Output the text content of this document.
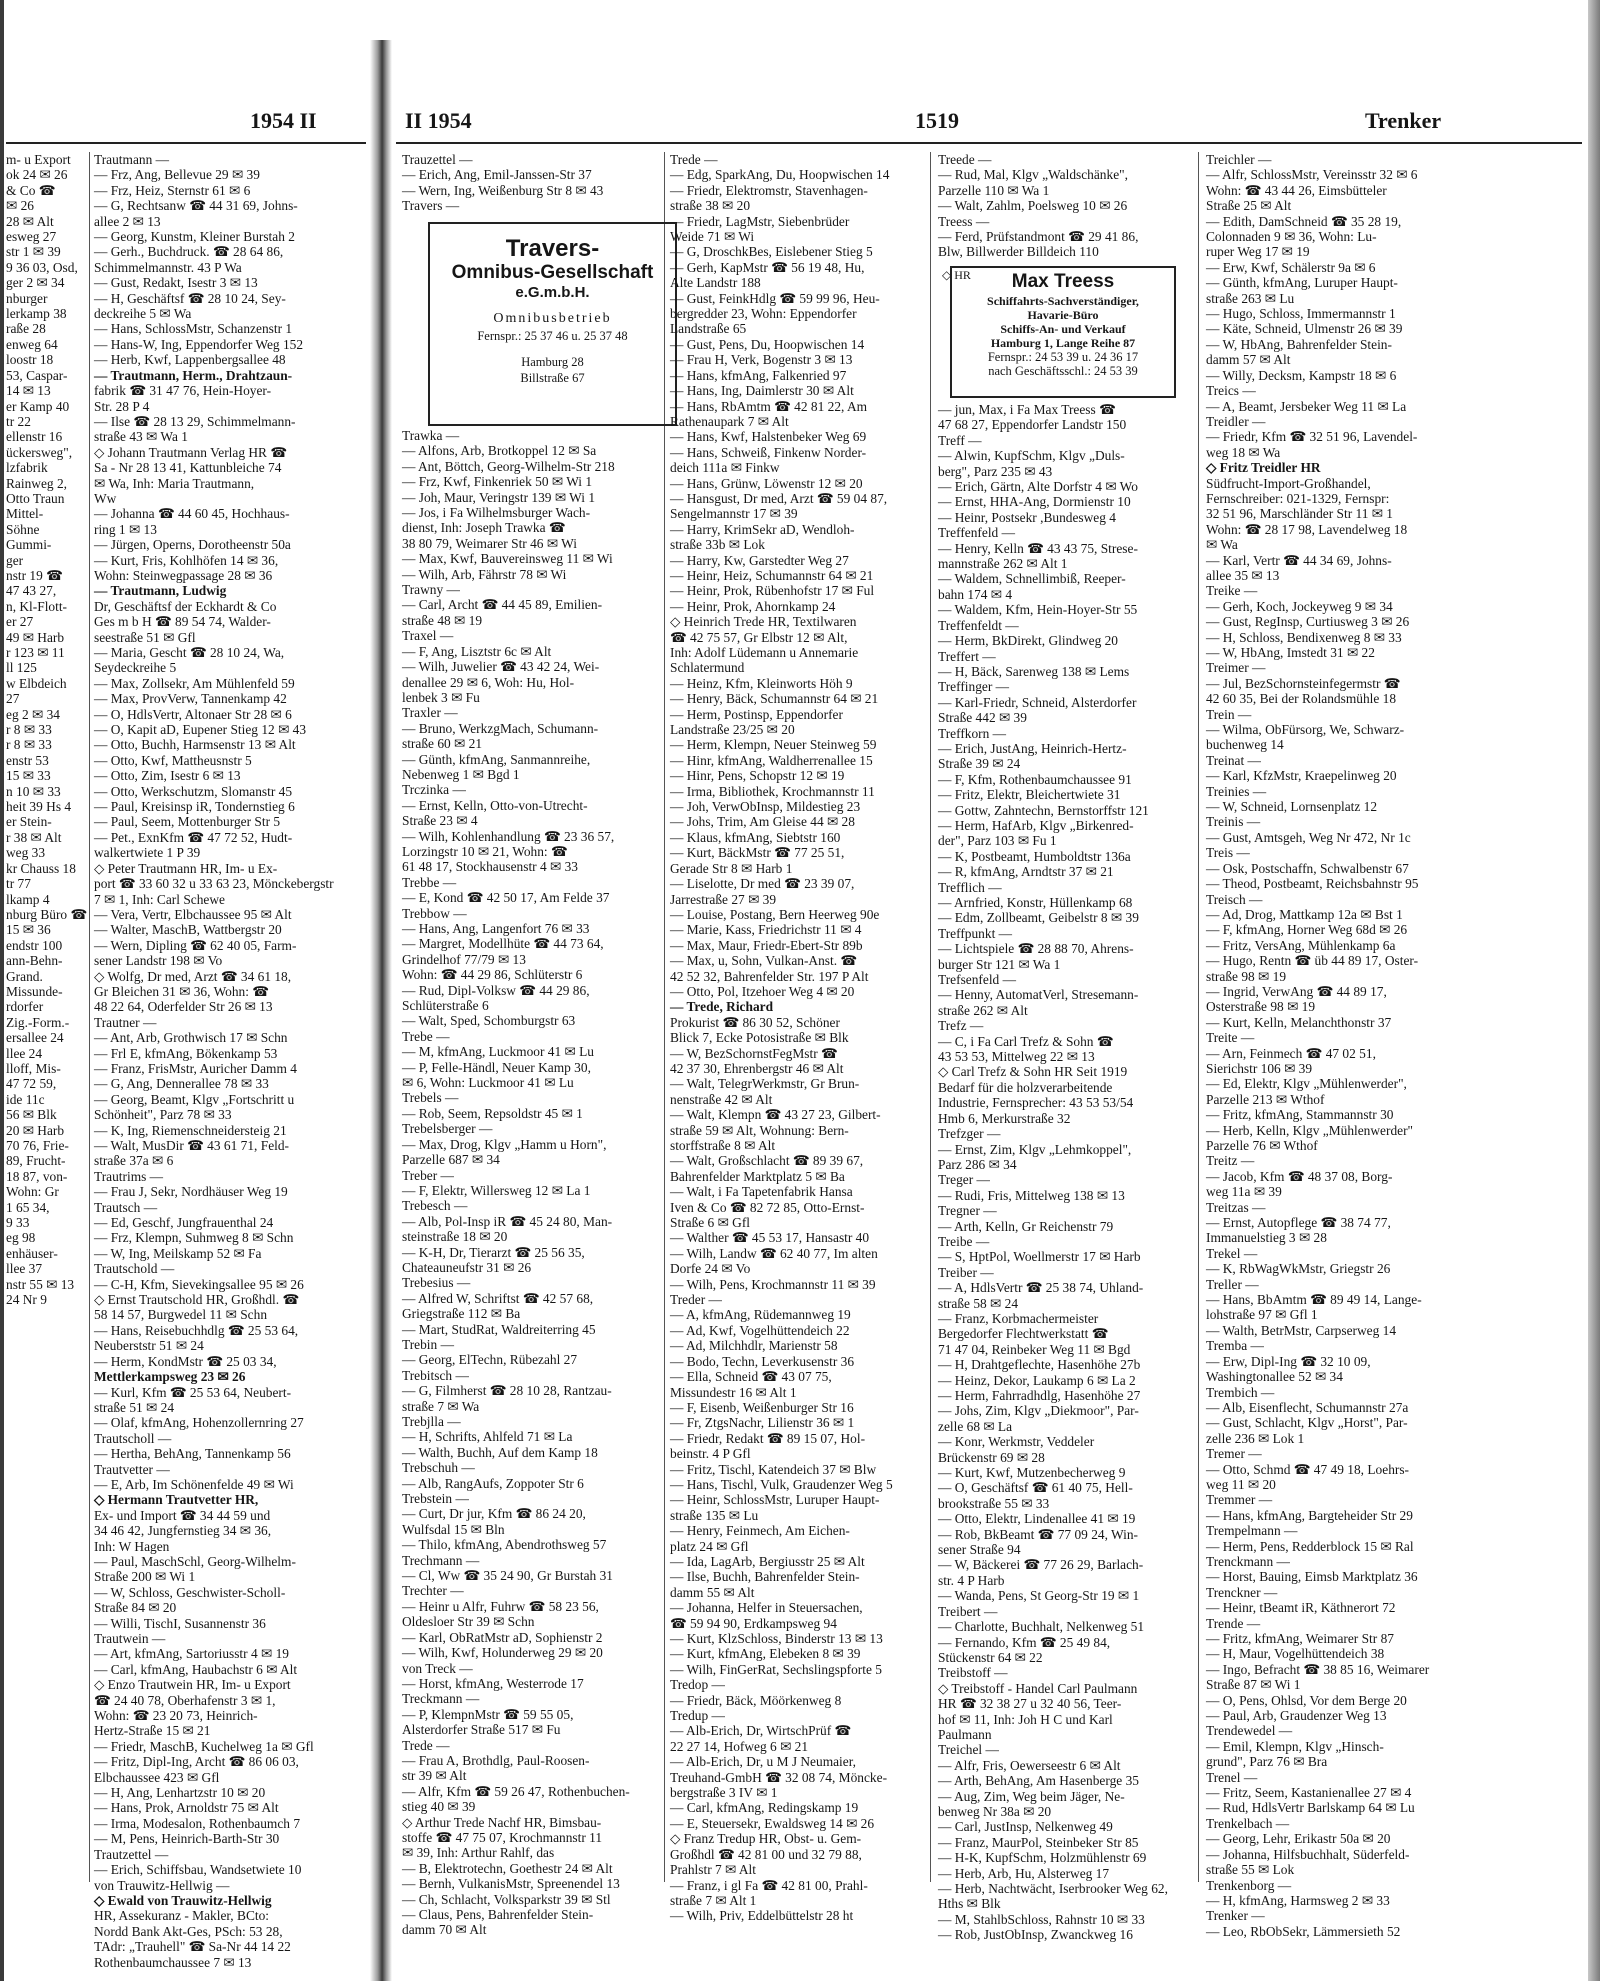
1954 II	II 1954	1519	Trenker
m- u Export
ok 24 ✉ 26
& Co ☎
✉ 26
28 ✉ Alt
esweg 27
str 1 ✉ 39
9 36 03, Osd,
ger 2 ✉ 34
nburger
lerkamp 38
raße 28
enweg 64
loostr 18
53, Caspar-
14 ✉ 13
er Kamp 40
tr 22
ellenstr 16
ückersweg",
lzfabrik
Rainweg 2,
Otto Traun
Mittel-
Söhne
Gummi-
ger
nstr 19 ☎
47 43 27,
n, Kl-Flott-
er 27
49 ✉ Harb
r 123 ✉ 11
ll 125
w Elbdeich
27
eg 2 ✉ 34
r 8 ✉ 33
r 8 ✉ 33
enstr 53
15 ✉ 33
n 10 ✉ 33
heit 39 Hs 4
er Stein-
r 38 ✉ Alt
weg 33
kr Chauss 18
tr 77
lkamp 4
nburg Büro ☎
15 ✉ 36
endstr 100
ann-Behn-
Grand.
Missunde-
rdorfer
Zig.-Form.-
ersallee 24
llee 24
lloff, Mis-
47 72 59,
ide 11c
56 ✉ Blk
20 ✉ Harb
70 76, Frie-
89, Frucht-
18 87, von-
Wohn: Gr
1 65 34,
9 33
eg 98
enhäuser-
llee 37
nstr 55 ✉ 13
24 Nr 9
Trautmann —
— Frz, Ang, Bellevue 29 ✉ 39
— Frz, Heiz, Sternstr 61 ✉ 6
— G, Rechtsanw ☎ 44 31 69, Johns-
allee 2 ✉ 13
— Georg, Kunstm, Kleiner Burstah 2
— Gerh., Buchdruck. ☎ 28 64 86,
Schimmelmannstr. 43 P Wa
— Gust, Redakt, Isestr 3 ✉ 13
— H, Geschäftsf ☎ 28 10 24, Sey-
deckreihe 5 ✉ Wa
— Hans, SchlossMstr, Schanzenstr 1
— Hans-W, Ing, Eppendorfer Weg 152
— Herb, Kwf, Lappenbergsallee 48
— Trautmann, Herm., Drahtzaun-
fabrik ☎ 31 47 76, Hein-Hoyer-
Str. 28 P 4
— Ilse ☎ 28 13 29, Schimmelmann-
straße 43 ✉ Wa 1
◇ Johann Trautmann Verlag HR ☎
Sa - Nr 28 13 41, Kattunbleiche 74
✉ Wa, Inh: Maria Trautmann,
Ww
— Johanna ☎ 44 60 45, Hochhaus-
ring 1 ✉ 13
— Jürgen, Operns, Dorotheenstr 50a
— Kurt, Fris, Kohlhöfen 14 ✉ 36,
Wohn: Steinwegpassage 28 ✉ 36
— Trautmann, Ludwig
Dr, Geschäftsf der Eckhardt & Co
Ges m b H ☎ 89 54 74, Walder-
seestraße 51 ✉ Gfl
— Maria, Gescht ☎ 28 10 24, Wa,
Seydeckreihe 5
— Max, Zollsekr, Am Mühlenfeld 59
— Max, ProvVerw, Tannenkamp 42
— O, HdlsVertr, Altonaer Str 28 ✉ 6
— O, Kapit aD, Eupener Stieg 12 ✉ 43
— Otto, Buchh, Harmsenstr 13 ✉ Alt
— Otto, Kwf, Mattheusnstr 5
— Otto, Zim, Isestr 6 ✉ 13
— Otto, Werkschutzm, Slomanstr 45
— Paul, Kreisinsp iR, Tondernstieg 6
— Paul, Seem, Mottenburger Str 5
— Pet., ExnKfm ☎ 47 72 52, Hudt-
walkertwiete 1 P 39
◇ Peter Trautmann HR, Im- u Ex-
port ☎ 33 60 32 u 33 63 23, Mönckebergstr
7 ✉ 1, Inh: Carl Schewe
— Vera, Vertr, Elbchaussee 95 ✉ Alt
— Walter, MaschB, Wattbergstr 20
— Wern, Dipling ☎ 62 40 05, Farm-
sener Landstr 198 ✉ Vo
◇ Wolfg, Dr med, Arzt ☎ 34 61 18,
Gr Bleichen 31 ✉ 36, Wohn: ☎
48 22 64, Oderfelder Str 26 ✉ 13
Trautner —
— Ant, Arb, Grothwisch 17 ✉ Schn
— Frl E, kfmAng, Bökenkamp 53
— Franz, FrisMstr, Auricher Damm 4
— G, Ang, Dennerallee 78 ✉ 33
— Georg, Beamt, Klgv „Fortschritt u
Schönheit", Parz 78 ✉ 33
— K, Ing, Riemenschneidersteig 21
— Walt, MusDir ☎ 43 61 71, Feld-
straße 37a ✉ 6
Trautrims —
— Frau J, Sekr, Nordhäuser Weg 19
Trautsch —
— Ed, Geschf, Jungfrauenthal 24
— Frz, Klempn, Suhmweg 8 ✉ Schn
— W, Ing, Meilskamp 52 ✉ Fa
Trautschold —
— C-H, Kfm, Sievekingsallee 95 ✉ 26
◇ Ernst Trautschold HR, Großhdl. ☎
58 14 57, Burgwedel 11 ✉ Schn
— Hans, Reisebuchhdlg ☎ 25 53 64,
Neuberststr 51 ✉ 24
— Herm, KondMstr ☎ 25 03 34,
Mettlerkampsweg 23 ✉ 26
— Kurl, Kfm ☎ 25 53 64, Neubert-
straße 51 ✉ 24
— Olaf, kfmAng, Hohenzollernring 27
Trautscholl —
— Hertha, BehAng, Tannenkamp 56
Trautvetter —
— E, Arb, Im Schönenfelde 49 ✉ Wi
◇ Hermann Trautvetter HR,
Ex- und Import ☎ 34 44 59 und
34 46 42, Jungfernstieg 34 ✉ 36,
Inh: W Hagen
— Paul, MaschSchl, Georg-Wilhelm-
Straße 200 ✉ Wi 1
— W, Schloss, Geschwister-Scholl-
Straße 84 ✉ 20
— Willi, TischI, Susannenstr 36
Trautwein —
— Art, kfmAng, Sartoriusstr 4 ✉ 19
— Carl, kfmAng, Haubachstr 6 ✉ Alt
◇ Enzo Trautwein HR, Im- u Export
☎ 24 40 78, Oberhafenstr 3 ✉ 1,
Wohn: ☎ 23 20 73, Heinrich-
Hertz-Straße 15 ✉ 21
— Friedr, MaschB, Kuchelweg 1a ✉ Gfl
— Fritz, Dipl-Ing, Archt ☎ 86 06 03,
Elbchaussee 423 ✉ Gfl
— H, Ang, Lenhartzstr 10 ✉ 20
— Hans, Prok, Arnoldstr 75 ✉ Alt
— Irma, Modesalon, Rothenbaumch 7
— M, Pens, Heinrich-Barth-Str 30
Trautzettel —
— Erich, Schiffsbau, Wandsetwiete 10
von Trauwitz-Hellwig —
◇ Ewald von Trauwitz-Hellwig
HR, Assekuranz - Makler, BCto:
Nordd Bank Akt-Ges, PSch: 53 28,
TAdr: „Trauhell" ☎ Sa-Nr 44 14 22
Rothenbaumchaussee 7 ✉ 13
Trauzettel —
— Erich, Ang, Emil-Janssen-Str 37
— Wern, Ing, Weißenburg Str 8 ✉ 43
Travers —
Travers-
Omnibus-Gesellschaft
e.G.m.b.H.
Omnibusbetrieb
Fernspr.: 25 37 46 u. 25 37 48
Hamburg 28
Billstraße 67
Trawka —
— Alfons, Arb, Brotkoppel 12 ✉ Sa
— Ant, Böttch, Georg-Wilhelm-Str 218
— Frz, Kwf, Finkenriek 50 ✉ Wi 1
— Joh, Maur, Veringstr 139 ✉ Wi 1
— Jos, i Fa Wilhelmsburger Wach-
dienst, Inh: Joseph Trawka ☎
38 80 79, Weimarer Str 46 ✉ Wi
— Max, Kwf, Bauvereinsweg 11 ✉ Wi
— Wilh, Arb, Fährstr 78 ✉ Wi
Trawny —
— Carl, Archt ☎ 44 45 89, Emilien-
straße 48 ✉ 19
Traxel —
— F, Ang, Lisztstr 6c ✉ Alt
— Wilh, Juwelier ☎ 43 42 24, Wei-
denallee 29 ✉ 6, Woh: Hu, Hol-
lenbek 3 ✉ Fu
Traxler —
— Bruno, WerkzgMach, Schumann-
straße 60 ✉ 21
— Günth, kfmAng, Sanmannreihe,
Nebenweg 1 ✉ Bgd 1
Trczinka —
— Ernst, Kelln, Otto-von-Utrecht-
Straße 23 ✉ 4
— Wilh, Kohlenhandlung ☎ 23 36 57,
Lorzingstr 10 ✉ 21, Wohn: ☎
61 48 17, Stockhausenstr 4 ✉ 33
Trebbe —
— E, Kond ☎ 42 50 17, Am Felde 37
Trebbow —
— Hans, Ang, Langenfort 76 ✉ 33
— Margret, Modellhüte ☎ 44 73 64,
Grindelhof 77/79 ✉ 13
Wohn: ☎ 44 29 86, Schlüterstr 6
— Rud, Dipl-Volksw ☎ 44 29 86,
Schlüterstraße 6
— Walt, Sped, Schomburgstr 63
Trebe —
— M, kfmAng, Luckmoor 41 ✉ Lu
— P, Felle-Händl, Neuer Kamp 30,
✉ 6, Wohn: Luckmoor 41 ✉ Lu
Trebels —
— Rob, Seem, Repsoldstr 45 ✉ 1
Trebelsberger —
— Max, Drog, Klgv „Hamm u Horn",
Parzelle 687 ✉ 34
Treber —
— F, Elektr, Willersweg 12 ✉ La 1
Trebesch —
— Alb, Pol-Insp iR ☎ 45 24 80, Man-
steinstraße 18 ✉ 20
— K-H, Dr, Tierarzt ☎ 25 56 35,
Chateauneufstr 31 ✉ 26
Trebesius —
— Alfred W, Schriftst ☎ 42 57 68,
Griegstraße 112 ✉ Ba
— Mart, StudRat, Waldreiterring 45
Trebin —
— Georg, ElTechn, Rübezahl 27
Trebitsch —
— G, Filmherst ☎ 28 10 28, Rantzau-
straße 7 ✉ Wa
Trebjlla —
— H, Schrifts, Ahlfeld 71 ✉ La
— Walth, Buchh, Auf dem Kamp 18
Trebschuh —
— Alb, RangAufs, Zoppoter Str 6
Trebstein —
— Curt, Dr jur, Kfm ☎ 86 24 20,
Wulfsdal 15 ✉ Bln
— Thilo, kfmAng, Abendrothsweg 57
Trechmann —
— Cl, Ww ☎ 35 24 90, Gr Burstah 31
Trechter —
— Heinr u Alfr, Fuhrw ☎ 58 23 56,
Oldesloer Str 39 ✉ Schn
— Karl, ObRatMstr aD, Sophienstr 2
— Wilh, Kwf, Holunderweg 29 ✉ 20
von Treck —
— Horst, kfmAng, Westerrode 17
Treckmann —
— P, KlempnMstr ☎ 59 55 05,
Alsterdorfer Straße 517 ✉ Fu
Trede —
— Frau A, Brothdlg, Paul-Roosen-
str 39 ✉ Alt
— Alfr, Kfm ☎ 59 26 47, Rothenbuchen-
stieg 40 ✉ 39
◇ Arthur Trede Nachf HR, Bimsbau-
stoffe ☎ 47 75 07, Krochmannstr 11
✉ 39, Inh: Arthur Rahlf, das
— B, Elektrotechn, Goethestr 24 ✉ Alt
— Bernh, VulkanisMstr, Spreenendel 13
— Ch, Schlacht, Volksparkstr 39 ✉ Stl
— Claus, Pens, Bahrenfelder Stein-
damm 70 ✉ Alt
Trede —
— Edg, SparkAng, Du, Hoopwischen 14
— Friedr, Elektromstr, Stavenhagen-
straße 38 ✉ 20
— Friedr, LagMstr, Siebenbrüder
Weide 71 ✉ Wi
— G, DroschkBes, Eislebener Stieg 5
— Gerh, KapMstr ☎ 56 19 48, Hu,
Alte Landstr 188
— Gust, FeinkHdlg ☎ 59 99 96, Heu-
bergredder 23, Wohn: Eppendorfer
Landstraße 65
— Gust, Pens, Du, Hoopwischen 14
— Frau H, Verk, Bogenstr 3 ✉ 13
— Hans, kfmAng, Falkenried 97
— Hans, Ing, Daimlerstr 30 ✉ Alt
— Hans, RbAmtm ☎ 42 81 22, Am
Rathenaupark 7 ✉ Alt
— Hans, Kwf, Halstenbeker Weg 69
— Hans, Schweiß, Finkenw Norder-
deich 111a ✉ Finkw
— Hans, Grünw, Löwenstr 12 ✉ 20
— Hansgust, Dr med, Arzt ☎ 59 04 87,
Sengelmannstr 17 ✉ 39
— Harry, KrimSekr aD, Wendloh-
straße 33b ✉ Lok
— Harry, Kw, Garstedter Weg 27
— Heinr, Heiz, Schumannstr 64 ✉ 21
— Heinr, Prok, Rübenhofstr 17 ✉ Ful
— Heinr, Prok, Ahornkamp 24
◇ Heinrich Trede HR, Textilwaren
☎ 42 75 57, Gr Elbstr 12 ✉ Alt,
Inh: Adolf Lüdemann u Annemarie
Schlatermund
— Heinz, Kfm, Kleinworts Höh 9
— Henry, Bäck, Schumannstr 64 ✉ 21
— Herm, Postinsp, Eppendorfer
Landstraße 23/25 ✉ 20
— Herm, Klempn, Neuer Steinweg 59
— Hinr, kfmAng, Waldherrenallee 15
— Hinr, Pens, Schopstr 12 ✉ 19
— Irma, Bibliothek, Krochmannstr 11
— Joh, VerwObInsp, Mildestieg 23
— Johs, Trim, Am Gleise 44 ✉ 28
— Klaus, kfmAng, Siebtstr 160
— Kurt, BäckMstr ☎ 77 25 51,
Gerade Str 8 ✉ Harb 1
— Liselotte, Dr med ☎ 23 39 07,
Jarrestraße 27 ✉ 39
— Louise, Postang, Bern Heerweg 90e
— Marie, Kass, Friedrichstr 11 ✉ 4
— Max, Maur, Friedr-Ebert-Str 89b
— Max, u, Sohn, Vulkan-Anst. ☎
42 52 32, Bahrenfelder Str. 197 P Alt
— Otto, Pol, Itzehoer Weg 4 ✉ 20
— Trede, Richard
Prokurist ☎ 86 30 52, Schöner
Blick 7, Ecke Potosistraße ✉ Blk
— W, BezSchornstFegMstr ☎
42 37 30, Ehrenbergstr 46 ✉ Alt
— Walt, TelegrWerkmstr, Gr Brun-
nenstraße 42 ✉ Alt
— Walt, Klempn ☎ 43 27 23, Gilbert-
straße 59 ✉ Alt, Wohnung: Bern-
storffstraße 8 ✉ Alt
— Walt, Großschlacht ☎ 89 39 67,
Bahrenfelder Marktplatz 5 ✉ Ba
— Walt, i Fa Tapetenfabrik Hansa
Iven & Co ☎ 82 72 85, Otto-Ernst-
Straße 6 ✉ Gfl
— Walther ☎ 45 53 17, Hansastr 40
— Wilh, Landw ☎ 62 40 77, Im alten
Dorfe 24 ✉ Vo
— Wilh, Pens, Krochmannstr 11 ✉ 39
Treder —
— A, kfmAng, Rüdemannweg 19
— Ad, Kwf, Vogelhüttendeich 22
— Ad, Milchhdlr, Marienstr 58
— Bodo, Techn, Leverkusenstr 36
— Ella, Schneid ☎ 43 07 75,
Missundestr 16 ✉ Alt 1
— F, Eisenb, Weißenburger Str 16
— Fr, ZtgsNachr, Lilienstr 36 ✉ 1
— Friedr, Redakt ☎ 89 15 07, Hol-
beinstr. 4 P Gfl
— Fritz, Tischl, Katendeich 37 ✉ Blw
— Hans, Tischl, Vulk, Graudenzer Weg 5
— Heinr, SchlossMstr, Luruper Haupt-
straße 135 ✉ Lu
— Henry, Feinmech, Am Eichen-
platz 24 ✉ Gfl
— Ida, LagArb, Bergiusstr 25 ✉ Alt
— Ilse, Buchh, Bahrenfelder Stein-
damm 55 ✉ Alt
— Johanna, Helfer in Steuersachen,
☎ 59 94 90, Erdkampsweg 94
— Kurt, KlzSchloss, Binderstr 13 ✉ 13
— Kurt, kfmAng, Elebeken 8 ✉ 39
— Wilh, FinGerRat, Sechslingspforte 5
Tredop —
— Friedr, Bäck, Möörkenweg 8
Tredup —
— Alb-Erich, Dr, WirtschPrüf ☎
22 27 14, Hofweg 6 ✉ 21
— Alb-Erich, Dr, u M J Neumaier,
Treuhand-GmbH ☎ 32 08 74, Möncke-
bergstraße 3 IV ✉ 1
— Carl, kfmAng, Redingskamp 19
— E, Steuersekr, Ewaldsweg 14 ✉ 26
◇ Franz Tredup HR, Obst- u. Gem-
Großhdl ☎ 42 81 00 und 32 79 88,
Prahlstr 7 ✉ Alt
— Franz, i gl Fa ☎ 42 81 00, Prahl-
straße 7 ✉ Alt 1
— Wilh, Priv, Eddelbüttelstr 28 ht
Treede —
— Rud, Mal, Klgv „Waldschänke",
Parzelle 110 ✉ Wa 1
— Walt, Zahlm, Poelsweg 10 ✉ 26
Treess —
— Ferd, Prüfstandmont ☎ 29 41 86,
Blw, Billwerder Billdeich 110
◇ HR	Max Treess
Schiffahrts-Sachverständiger,
Havarie-Büro
Schiffs-An- und Verkauf
Hamburg 1, Lange Reihe 87
Fernspr.: 24 53 39 u. 24 36 17
nach Geschäftsschl.: 24 53 39
— jun, Max, i Fa Max Treess ☎
47 68 27, Eppendorfer Landstr 150
Treff —
— Alwin, KupfSchm, Klgv „Duls-
berg", Parz 235 ✉ 43
— Erich, Gärtn, Alte Dorfstr 4 ✉ Wo
— Ernst, HHA-Ang, Dormienstr 10
— Heinr, Postsekr ,Bundesweg 4
Treffenfeld —
— Henry, Kelln ☎ 43 43 75, Strese-
mannstraße 262 ✉ Alt 1
— Waldem, Schnellimbiß, Reeper-
bahn 174 ✉ 4
— Waldem, Kfm, Hein-Hoyer-Str 55
Treffenfeldt —
— Herm, BkDirekt, Glindweg 20
Treffert —
— H, Bäck, Sarenweg 138 ✉ Lems
Treffinger —
— Karl-Friedr, Schneid, Alsterdorfer
Straße 442 ✉ 39
Treffkorn —
— Erich, JustAng, Heinrich-Hertz-
Straße 39 ✉ 24
— F, Kfm, Rothenbaumchaussee 91
— Fritz, Elektr, Bleichertwiete 31
— Gottw, Zahntechn, Bernstorffstr 121
— Herm, HafArb, Klgv „Birkenred-
der", Parz 103 ✉ Fu 1
— K, Postbeamt, Humboldtstr 136a
— R, kfmAng, Arndtstr 37 ✉ 21
Trefflich —
— Arnfried, Konstr, Hüllenkamp 68
— Edm, Zollbeamt, Geibelstr 8 ✉ 39
Treffpunkt —
— Lichtspiele ☎ 28 88 70, Ahrens-
burger Str 121 ✉ Wa 1
Trefsenfeld —
— Henny, AutomatVerl, Stresemann-
straße 262 ✉ Alt
Trefz —
— C, i Fa Carl Trefz & Sohn ☎
43 53 53, Mittelweg 22 ✉ 13
◇ Carl Trefz & Sohn HR Seit 1919
Bedarf für die holzverarbeitende
Industrie, Fernsprecher: 43 53 53/54
Hmb 6, Merkurstraße 32
Trefzger —
— Ernst, Zim, Klgv „Lehmkoppel",
Parz 286 ✉ 34
Treger —
— Rudi, Fris, Mittelweg 138 ✉ 13
Tregner —
— Arth, Kelln, Gr Reichenstr 79
Treibe —
— S, HptPol, Woellmerstr 17 ✉ Harb
Treiber —
— A, HdlsVertr ☎ 25 38 74, Uhland-
straße 58 ✉ 24
— Franz, Korbmachermeister
Bergedorfer Flechtwerkstatt ☎
71 47 04, Reinbeker Weg 11 ✉ Bgd
— H, Drahtgeflechte, Hasenhöhe 27b
— Heinz, Dekor, Laukamp 6 ✉ La 2
— Herm, Fahrradhdlg, Hasenhöhe 27
— Johs, Zim, Klgv „Diekmoor", Par-
zelle 68 ✉ La
— Konr, Werkmstr, Veddeler
Brückenstr 69 ✉ 28
— Kurt, Kwf, Mutzenbecherweg 9
— O, Geschäftsf ☎ 61 40 75, Hell-
brookstraße 55 ✉ 33
— Otto, Elektr, Lindenallee 41 ✉ 19
— Rob, BkBeamt ☎ 77 09 24, Win-
sener Straße 94
— W, Bäckerei ☎ 77 26 29, Barlach-
str. 4 P Harb
— Wanda, Pens, St Georg-Str 19 ✉ 1
Treibert —
— Charlotte, Buchhalt, Nelkenweg 51
— Fernando, Kfm ☎ 25 49 84,
Stückenstr 64 ✉ 22
Treibstoff —
◇ Treibstoff - Handel Carl Paulmann
HR ☎ 32 38 27 u 32 40 56, Teer-
hof ✉ 11, Inh: Joh H C und Karl
Paulmann
Treichel —
— Alfr, Fris, Oewerseestr 6 ✉ Alt
— Arth, BehAng, Am Hasenberge 35
— Aug, Zim, Weg beim Jäger, Ne-
benweg Nr 38a ✉ 20
— Carl, JustInsp, Nelkenweg 49
— Franz, MaurPol, Steinbeker Str 85
— H-K, KupfSchm, Holzmühlenstr 69
— Herb, Arb, Hu, Alsterweg 17
— Herb, Nachtwächt, Iserbrooker Weg 62,
Hths ✉ Blk
— M, StahlbSchloss, Rahnstr 10 ✉ 33
— Rob, JustObInsp, Zwanckweg 16
Treichler —
— Alfr, SchlossMstr, Vereinsstr 32 ✉ 6
Wohn: ☎ 43 44 26, Eimsbütteler
Straße 25 ✉ Alt
— Edith, DamSchneid ☎ 35 28 19,
Colonnaden 9 ✉ 36, Wohn: Lu-
ruper Weg 17 ✉ 19
— Erw, Kwf, Schälerstr 9a ✉ 6
— Günth, kfmAng, Luruper Haupt-
straße 263 ✉ Lu
— Hugo, Schloss, Immermannstr 1
— Käte, Schneid, Ulmenstr 26 ✉ 39
— W, HbAng, Bahrenfelder Stein-
damm 57 ✉ Alt
— Willy, Decksm, Kampstr 18 ✉ 6
Treics —
— A, Beamt, Jersbeker Weg 11 ✉ La
Treidler —
— Friedr, Kfm ☎ 32 51 96, Lavendel-
weg 18 ✉ Wa
◇ Fritz Treidler HR
Südfrucht-Import-Großhandel,
Fernschreiber: 021-1329, Fernspr:
32 51 96, Marschländer Str 11 ✉ 1
Wohn: ☎ 28 17 98, Lavendelweg 18
✉ Wa
— Karl, Vertr ☎ 44 34 69, Johns-
allee 35 ✉ 13
Treike —
— Gerh, Koch, Jockeyweg 9 ✉ 34
— Gust, RegInsp, Curtiusweg 3 ✉ 26
— H, Schloss, Bendixenweg 8 ✉ 33
— W, HbAng, Imstedt 31 ✉ 22
Treimer —
— Jul, BezSchornsteinfegermstr ☎
42 60 35, Bei der Rolandsmühle 18
Trein —
— Wilma, ObFürsorg, We, Schwarz-
buchenweg 14
Treinat —
— Karl, KfzMstr, Kraepelinweg 20
Treinies —
— W, Schneid, Lornsenplatz 12
Treinis —
— Gust, Amtsgeh, Weg Nr 472, Nr 1c
Treis —
— Osk, Postschaffn, Schwalbenstr 67
— Theod, Postbeamt, Reichsbahnstr 95
Treisch —
— Ad, Drog, Mattkamp 12a ✉ Bst 1
— F, kfmAng, Horner Weg 68d ✉ 26
— Fritz, VersAng, Mühlenkamp 6a
— Hugo, Rentn ☎ üb 44 89 17, Oster-
straße 98 ✉ 19
— Ingrid, VerwAng ☎ 44 89 17,
Osterstraße 98 ✉ 19
— Kurt, Kelln, Melanchthonstr 37
Treite —
— Arn, Feinmech ☎ 47 02 51,
Sierichstr 106 ✉ 39
— Ed, Elektr, Klgv „Mühlenwerder",
Parzelle 213 ✉ Wthof
— Fritz, kfmAng, Stammannstr 30
— Herb, Kelln, Klgv „Mühlenwerder"
Parzelle 76 ✉ Wthof
Treitz —
— Jacob, Kfm ☎ 48 37 08, Borg-
weg 11a ✉ 39
Treitzas —
— Ernst, Autopflege ☎ 38 74 77,
Immanuelstieg 3 ✉ 28
Trekel —
— K, RbWagWkMstr, Griegstr 26
Treller —
— Hans, BbAmtm ☎ 89 49 14, Lange-
lohstraße 97 ✉ Gfl 1
— Walth, BetrMstr, Carpserweg 14
Tremba —
— Erw, Dipl-Ing ☎ 32 10 09,
Washingtonallee 52 ✉ 34
Trembich —
— Alb, Eisenflecht, Schumannstr 27a
— Gust, Schlacht, Klgv „Horst", Par-
zelle 236 ✉ Lok 1
Tremer —
— Otto, Schmd ☎ 47 49 18, Loehrs-
weg 11 ✉ 20
Tremmer —
— Hans, kfmAng, Bargteheider Str 29
Trempelmann —
— Herm, Pens, Redderblock 15 ✉ Ral
Trenckmann —
— Horst, Bauing, Eimsb Marktplatz 36
Trenckner —
— Heinr, tBeamt iR, Käthnerort 72
Trende —
— Fritz, kfmAng, Weimarer Str 87
— H, Maur, Vogelhüttendeich 38
— Ingo, Befracht ☎ 38 85 16, Weimarer
Straße 87 ✉ Wi 1
— O, Pens, Ohlsd, Vor dem Berge 20
— Paul, Arb, Graudenzer Weg 13
Trendewedel —
— Emil, Klempn, Klgv „Hinsch-
grund", Parz 76 ✉ Bra
Trenel —
— Fritz, Seem, Kastanienallee 27 ✉ 4
— Rud, HdlsVertr Barlskamp 64 ✉ Lu
Trenkelbach —
— Georg, Lehr, Erikastr 50a ✉ 20
— Johanna, Hilfsbuchhalt, Süderfeld-
straße 55 ✉ Lok
Trenkenborg —
— H, kfmAng, Harmsweg 2 ✉ 33
Trenker —
— Leo, RbObSekr, Lämmersieth 52
